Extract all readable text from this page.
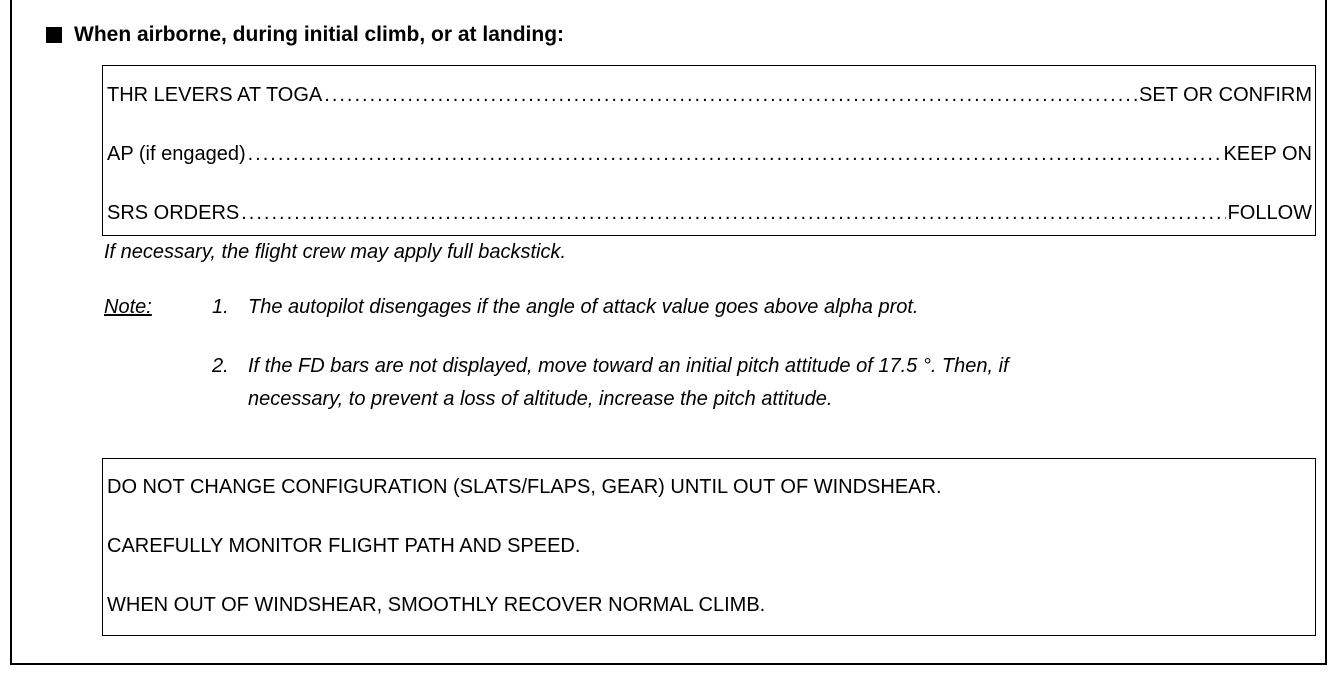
When airborne, during initial climb, or at landing:
THR LEVERS AT TOGA .....	SET OR CONFIRM
AP (if engaged) .....	KEEP ON
SRS ORDERS .....	FOLLOW
If necessary, the flight crew may apply full backstick.
Note:	1. The autopilot disengages if the angle of attack value goes above alpha prot.
2. If the FD bars are not displayed, move toward an initial pitch attitude of 17.5 °. Then, if
necessary, to prevent a loss of altitude, increase the pitch attitude.
DO NOT CHANGE CONFIGURATION (SLATS/FLAPS, GEAR) UNTIL OUT OF WINDSHEAR.
CAREFULLY MONITOR FLIGHT PATH AND SPEED.
WHEN OUT OF WINDSHEAR, SMOOTHLY RECOVER NORMAL CLIMB.
